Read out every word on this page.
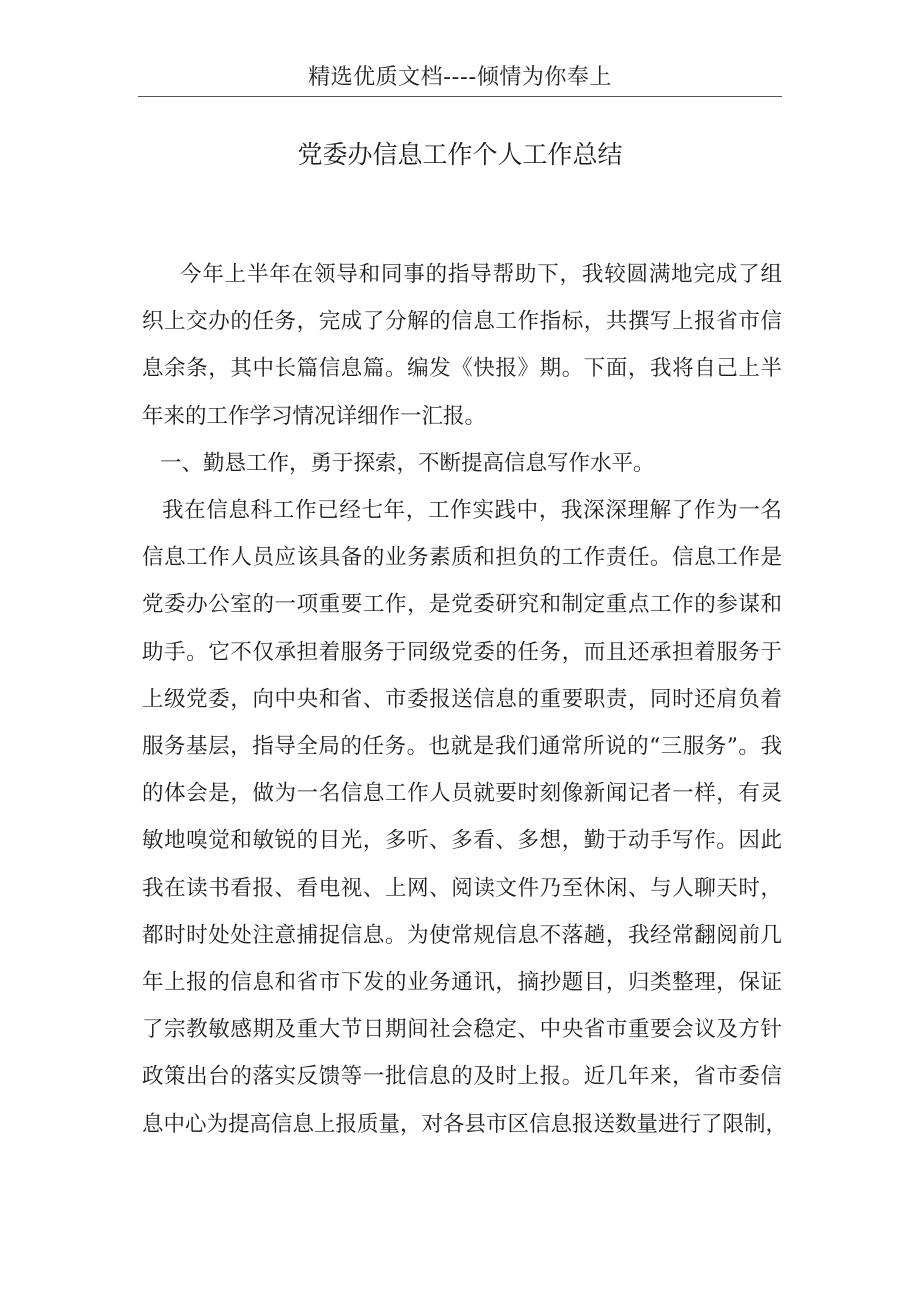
精选优质文档----倾情为你奉上
党委办信息工作个人工作总结
今年上半年在领导和同事的指导帮助下，我较圆满地完成了组
织上交办的任务，完成了分解的信息工作指标，共撰写上报省市信
息余条，其中长篇信息篇。编发《快报》期。下面，我将自己上半
年来的工作学习情况详细作一汇报。
一、勤恳工作，勇于探索，不断提高信息写作水平。
我在信息科工作已经七年，工作实践中，我深深理解了作为一名
信息工作人员应该具备的业务素质和担负的工作责任。信息工作是
党委办公室的一项重要工作，是党委研究和制定重点工作的参谋和
助手。它不仅承担着服务于同级党委的任务，而且还承担着服务于
上级党委，向中央和省、市委报送信息的重要职责，同时还肩负着
服务基层，指导全局的任务。也就是我们通常所说的“三服务”。我
的体会是，做为一名信息工作人员就要时刻像新闻记者一样，有灵
敏地嗅觉和敏锐的目光，多听、多看、多想，勤于动手写作。因此
我在读书看报、看电视、上网、阅读文件乃至休闲、与人聊天时，
都时时处处注意捕捉信息。为使常规信息不落趟，我经常翻阅前几
年上报的信息和省市下发的业务通讯，摘抄题目，归类整理，保证
了宗教敏感期及重大节日期间社会稳定、中央省市重要会议及方针
政策出台的落实反馈等一批信息的及时上报。近几年来，省市委信
息中心为提高信息上报质量，对各县市区信息报送数量进行了限制，
